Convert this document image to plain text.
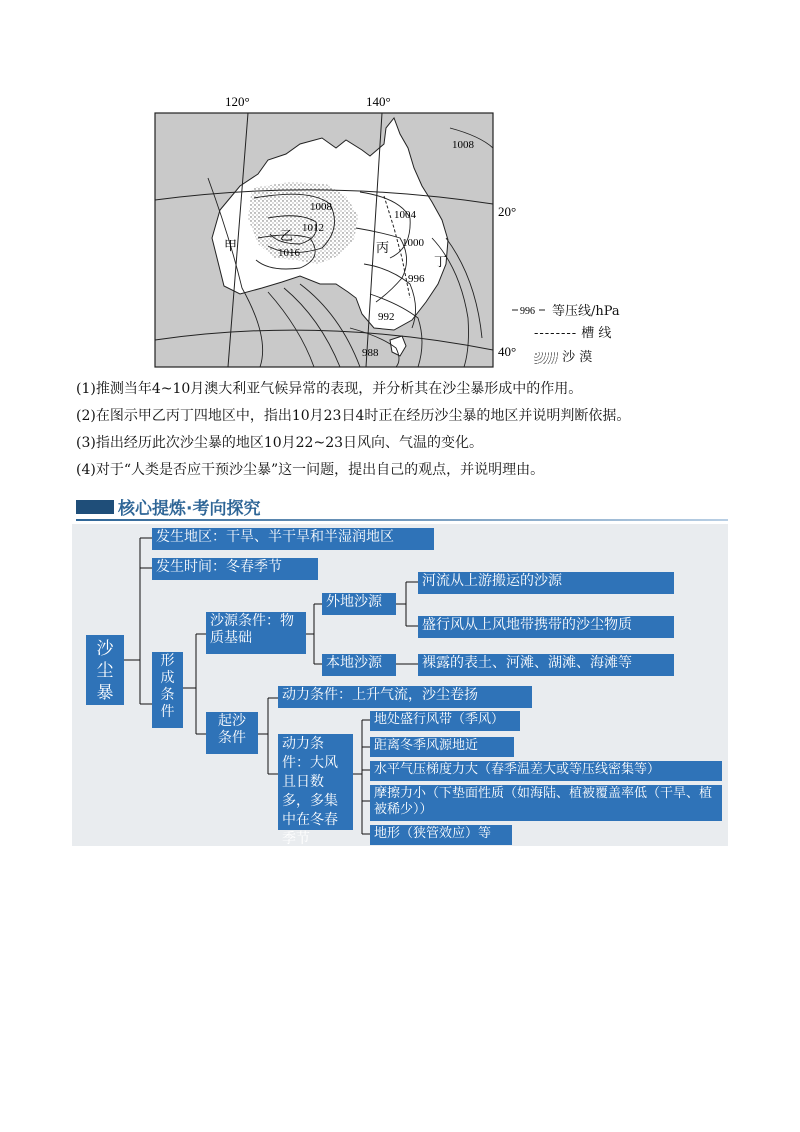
120°	140°
20°
40°
1008
1008
1012
1016
1004
1000
996
992
988
甲
乙
丙
丁
996 等压线/hPa
-------- 槽 线
沙 漠
(1)推测当年4~10月澳大利亚气候异常的表现，并分析其在沙尘暴形成中的作用。
(2)在图示甲乙丙丁四地区中，指出10月23日4时正在经历沙尘暴的地区并说明判断依据。
(3)指出经历此次沙尘暴的地区10月22~23日风向、气温的变化。
(4)对于“人类是否应干预沙尘暴”这一问题，提出自己的观点，并说明理由。
核心提炼·考向探究
沙尘暴
发生地区：干旱、半干旱和半湿润地区
发生时间：冬春季节
形成条件
沙源条件：物质基础
外地沙源
河流从上游搬运的沙源
盛行风从上风地带携带的沙尘物质
本地沙源	裸露的表土、河滩、湖滩、海滩等
起沙条件
动力条件：上升气流，沙尘卷扬
动力条件：大风且日数多，多集中在冬春季节
地处盛行风带（季风）
距离冬季风源地近
水平气压梯度力大（春季温差大或等压线密集等）
摩擦力小（下垫面性质（如海陆、植被覆盖率低（干旱、植被稀少））
地形（狭管效应）等
